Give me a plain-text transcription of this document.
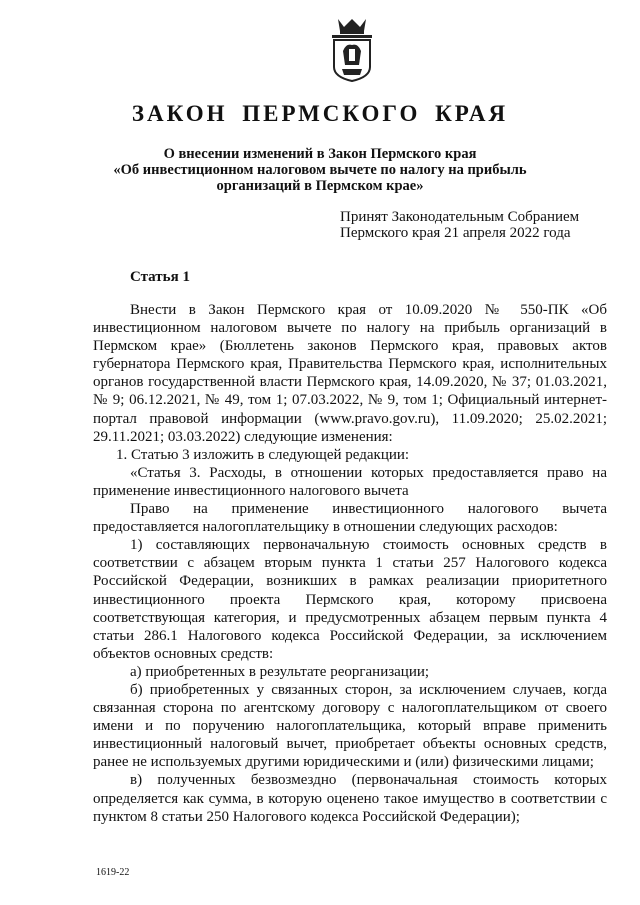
ЗАКОН ПЕРМСКОГО КРАЯ
О внесении изменений в Закон Пермского края
«Об инвестиционном налоговом вычете по налогу на прибыль
организаций в Пермском крае»
Принят Законодательным Собранием
Пермского края 21 апреля 2022 года
Статья 1

Внести в Закон Пермского края от 10.09.2020 № 550-ПК «Об инвестиционном налоговом вычете по налогу на прибыль организаций в Пермском крае» (Бюллетень законов Пермского края, правовых актов губернатора Пермского края, Правительства Пермского края, исполнительных органов государственной власти Пермского края, 14.09.2020, № 37; 01.03.2021, № 9; 06.12.2021, № 49, том 1; 07.03.2022, № 9, том 1; Официальный интернет-портал правовой информации (www.pravo.gov.ru), 11.09.2020; 25.02.2021; 29.11.2021; 03.03.2022) следующие изменения:

1. Статью 3 изложить в следующей редакции:

«Статья 3. Расходы, в отношении которых предоставляется право на применение инвестиционного налогового вычета

Право на применение инвестиционного налогового вычета предоставляется налогоплательщику в отношении следующих расходов:

1) составляющих первоначальную стоимость основных средств в соответствии с абзацем вторым пункта 1 статьи 257 Налогового кодекса Российской Федерации, возникших в рамках реализации приоритетного инвестиционного проекта Пермского края, которому присвоена соответствующая категория, и предусмотренных абзацем первым пункта 4 статьи 286.1 Налогового кодекса Российской Федерации, за исключением объектов основных средств:

а) приобретенных в результате реорганизации;

б) приобретенных у связанных сторон, за исключением случаев, когда связанная сторона по агентскому договору с налогоплательщиком от своего имени и по поручению налогоплательщика, который вправе применить инвестиционный налоговый вычет, приобретает объекты основных средств, ранее не используемых другими юридическими и (или) физическими лицами;

в) полученных безвозмездно (первоначальная стоимость которых определяется как сумма, в которую оценено такое имущество в соответствии с пунктом 8 статьи 250 Налогового кодекса Российской Федерации);

1619-22
